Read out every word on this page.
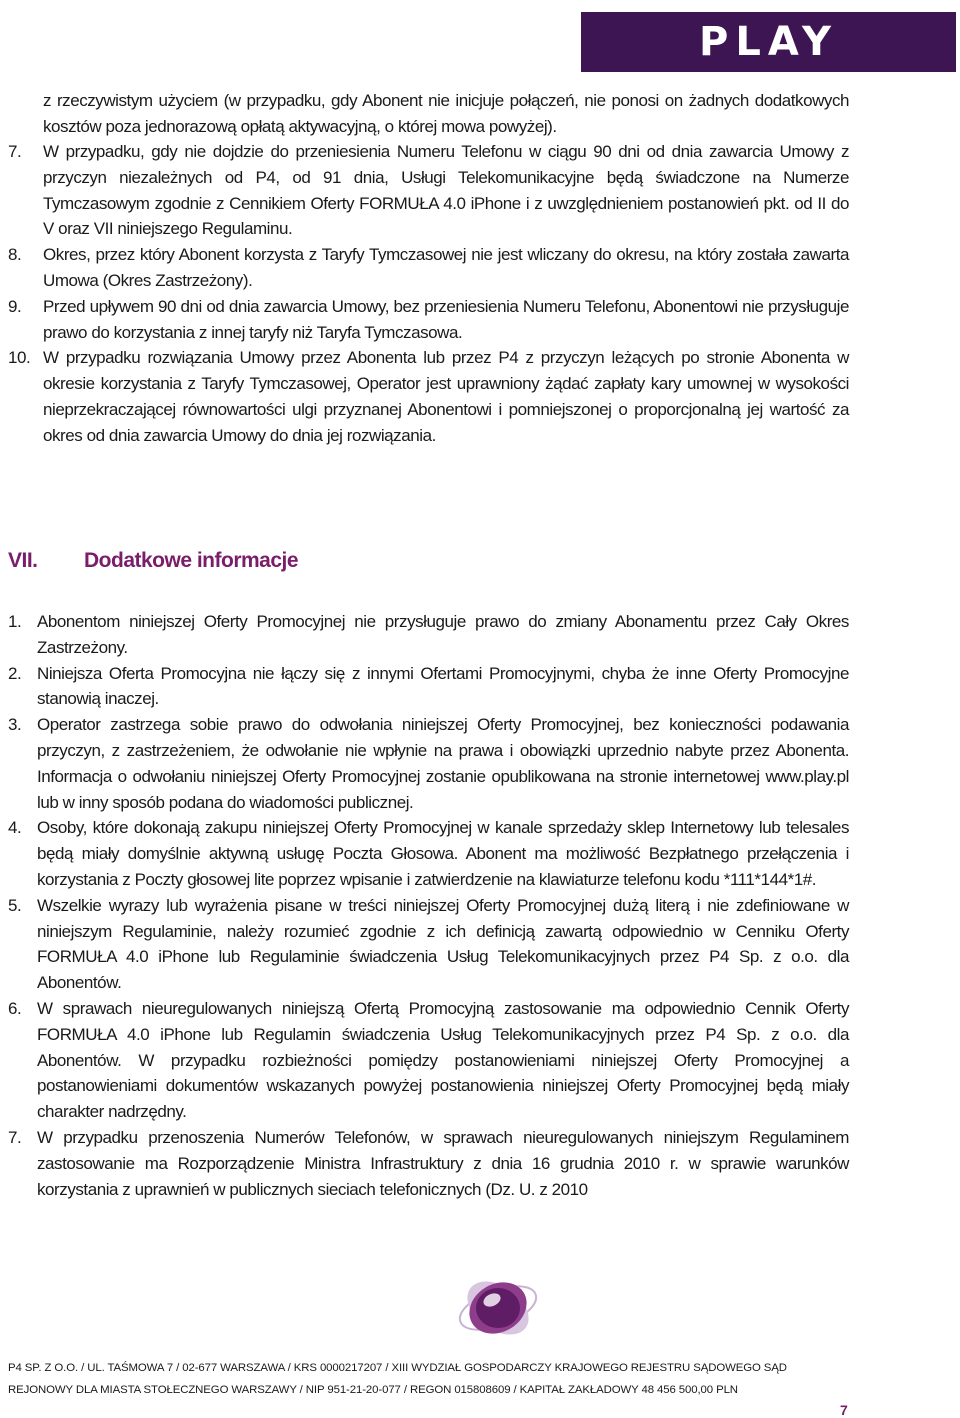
PLAY
z rzeczywistym użyciem (w przypadku, gdy Abonent nie inicjuje połączeń, nie ponosi on żadnych dodatkowych kosztów poza jednorazową opłatą aktywacyjną, o której mowa powyżej).
7.	W przypadku, gdy nie dojdzie do przeniesienia Numeru Telefonu w ciągu 90 dni od dnia zawarcia Umowy z przyczyn niezależnych od P4, od 91 dnia, Usługi Telekomunikacyjne będą świadczone na Numerze Tymczasowym zgodnie z Cennikiem Oferty FORMUŁA 4.0 iPhone i z uwzględnieniem postanowień pkt. od II do V oraz VII niniejszego Regulaminu.
8.	Okres, przez który Abonent korzysta z Taryfy Tymczasowej nie jest wliczany do okresu, na który została zawarta Umowa (Okres Zastrzeżony).
9.	Przed upływem 90 dni od dnia zawarcia Umowy, bez przeniesienia Numeru Telefonu, Abonentowi nie przysługuje prawo do korzystania z innej taryfy niż Taryfa Tymczasowa.
10. W przypadku rozwiązania Umowy przez Abonenta lub przez P4 z przyczyn leżących po stronie Abonenta w okresie korzystania z Taryfy Tymczasowej, Operator jest uprawniony żądać zapłaty kary umownej w wysokości nieprzekraczającej równowartości ulgi przyznanej Abonentowi i pomniejszonej o proporcjonalną jej wartość za okres od dnia zawarcia Umowy do dnia jej rozwiązania.
VII.	Dodatkowe informacje
1. Abonentom niniejszej Oferty Promocyjnej nie przysługuje prawo do zmiany Abonamentu przez Cały Okres Zastrzeżony.
2. Niniejsza Oferta Promocyjna nie łączy się z innymi Ofertami Promocyjnymi, chyba że inne Oferty Promocyjne stanowią inaczej.
3. Operator zastrzega sobie prawo do odwołania niniejszej Oferty Promocyjnej, bez konieczności podawania przyczyn, z zastrzeżeniem, że odwołanie nie wpłynie na prawa i obowiązki uprzednio nabyte przez Abonenta. Informacja o odwołaniu niniejszej Oferty Promocyjnej zostanie opublikowana na stronie internetowej www.play.pl lub w inny sposób podana do wiadomości publicznej.
4. Osoby, które dokonają zakupu niniejszej Oferty Promocyjnej w kanale sprzedaży sklep Internetowy lub telesales będą miały domyślnie aktywną usługę Poczta Głosowa. Abonent ma możliwość Bezpłatnego przełączenia i korzystania z Poczty głosowej lite poprzez wpisanie i zatwierdzenie na klawiaturze telefonu kodu *111*144*1#.
5. Wszelkie wyrazy lub wyrażenia pisane w treści niniejszej Oferty Promocyjnej dużą literą i nie zdefiniowane w niniejszym Regulaminie, należy rozumieć zgodnie z ich definicją zawartą odpowiednio w Cenniku Oferty FORMUŁA 4.0 iPhone lub Regulaminie świadczenia Usług Telekomunikacyjnych przez P4 Sp. z o.o. dla Abonentów.
6. W sprawach nieuregulowanych niniejszą Ofertą Promocyjną zastosowanie ma odpowiednio Cennik Oferty FORMUŁA 4.0 iPhone lub Regulamin świadczenia Usług Telekomunikacyjnych przez P4 Sp. z o.o. dla Abonentów. W przypadku rozbieżności pomiędzy postanowieniami niniejszej Oferty Promocyjnej a postanowieniami dokumentów wskazanych powyżej postanowienia niniejszej Oferty Promocyjnej będą miały charakter nadrzędny.
7. W przypadku przenoszenia Numerów Telefonów, w sprawach nieuregulowanych niniejszym Regulaminem zastosowanie ma Rozporządzenie Ministra Infrastruktury z dnia 16 grudnia 2010 r. w sprawie warunków korzystania z uprawnień w publicznych sieciach telefonicznych (Dz. U. z 2010
P4 SP. Z O.O. / UL. TAŚMOWA 7 / 02-677 WARSZAWA / KRS 0000217207 / XIII WYDZIAŁ GOSPODARCZY KRAJOWEGO REJESTRU SĄDOWEGO SĄD
REJONOWY DLA MIASTA STOŁECZNEGO WARSZAWY / NIP 951-21-20-077 / REGON 015808609 / KAPITAŁ ZAKŁADOWY 48 456 500,00 PLN
7
